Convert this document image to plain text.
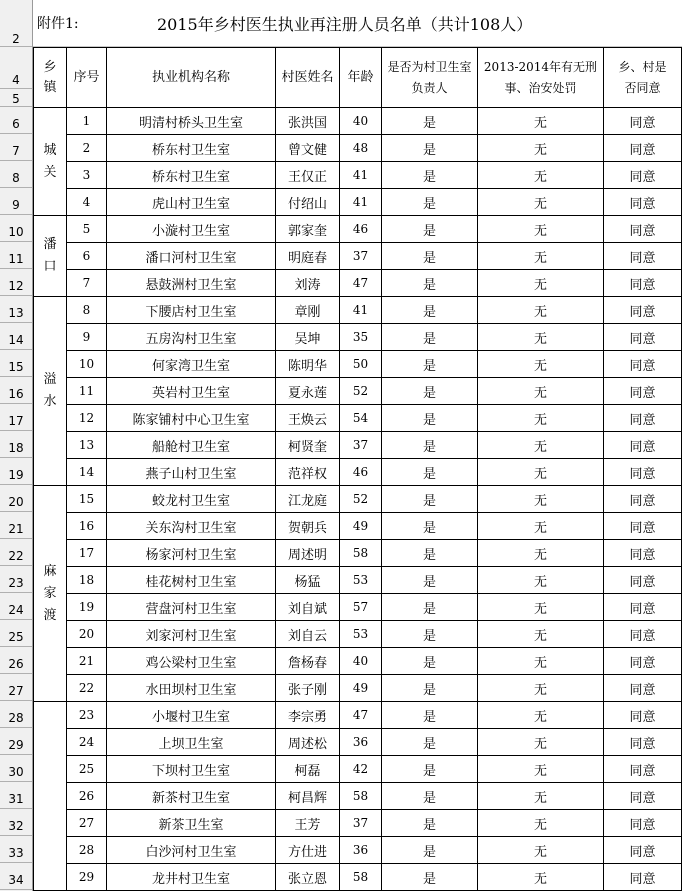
2
4
5
6
7
8
9
10
11
12
13
14
15
16
17
18
19
20
21
22
23
24
25
26
27
28
29
30
31
32
33
34
附件1:	2015年乡村医生执业再注册人员名单（共计108人）
乡镇	序号	执业机构名称	村医姓名	年龄	是否为村卫生室负责人	2013-2014年有无刑事、治安处罚	乡、村是否同意
城关	1	明清村桥头卫生室	张洪国	40	是	无	同意
	2	桥东村卫生室	曾文健	48	是	无	同意
	3	桥东村卫生室	王仅正	41	是	无	同意
	4	虎山村卫生室	付绍山	41	是	无	同意
潘口	5	小漩村卫生室	郭家奎	46	是	无	同意
	6	潘口河村卫生室	明庭春	37	是	无	同意
	7	悬鼓洲村卫生室	刘涛	47	是	无	同意
溢水	8	下腰店村卫生室	章刚	41	是	无	同意
	9	五房沟村卫生室	吴坤	35	是	无	同意
	10	何家湾卫生室	陈明华	50	是	无	同意
	11	英岩村卫生室	夏永莲	52	是	无	同意
	12	陈家铺村中心卫生室	王焕云	54	是	无	同意
	13	船舱村卫生室	柯贤奎	37	是	无	同意
	14	燕子山村卫生室	范祥权	46	是	无	同意
麻家渡	15	蛟龙村卫生室	江龙庭	52	是	无	同意
	16	关东沟村卫生室	贺朝兵	49	是	无	同意
	17	杨家河村卫生室	周述明	58	是	无	同意
	18	桂花树村卫生室	杨猛	53	是	无	同意
	19	营盘河村卫生室	刘自斌	57	是	无	同意
	20	刘家河村卫生室	刘自云	53	是	无	同意
	21	鸡公梁村卫生室	詹杨春	40	是	无	同意
	22	水田坝村卫生室	张子刚	49	是	无	同意
	23	小堰村卫生室	李宗勇	47	是	无	同意
	24	上坝卫生室	周述松	36	是	无	同意
	25	下坝村卫生室	柯磊	42	是	无	同意
	26	新茶村卫生室	柯昌辉	58	是	无	同意
	27	新茶卫生室	王芳	37	是	无	同意
	28	白沙河村卫生室	方仕进	36	是	无	同意
	29	龙井村卫生室	张立恩	58	是	无	同意
